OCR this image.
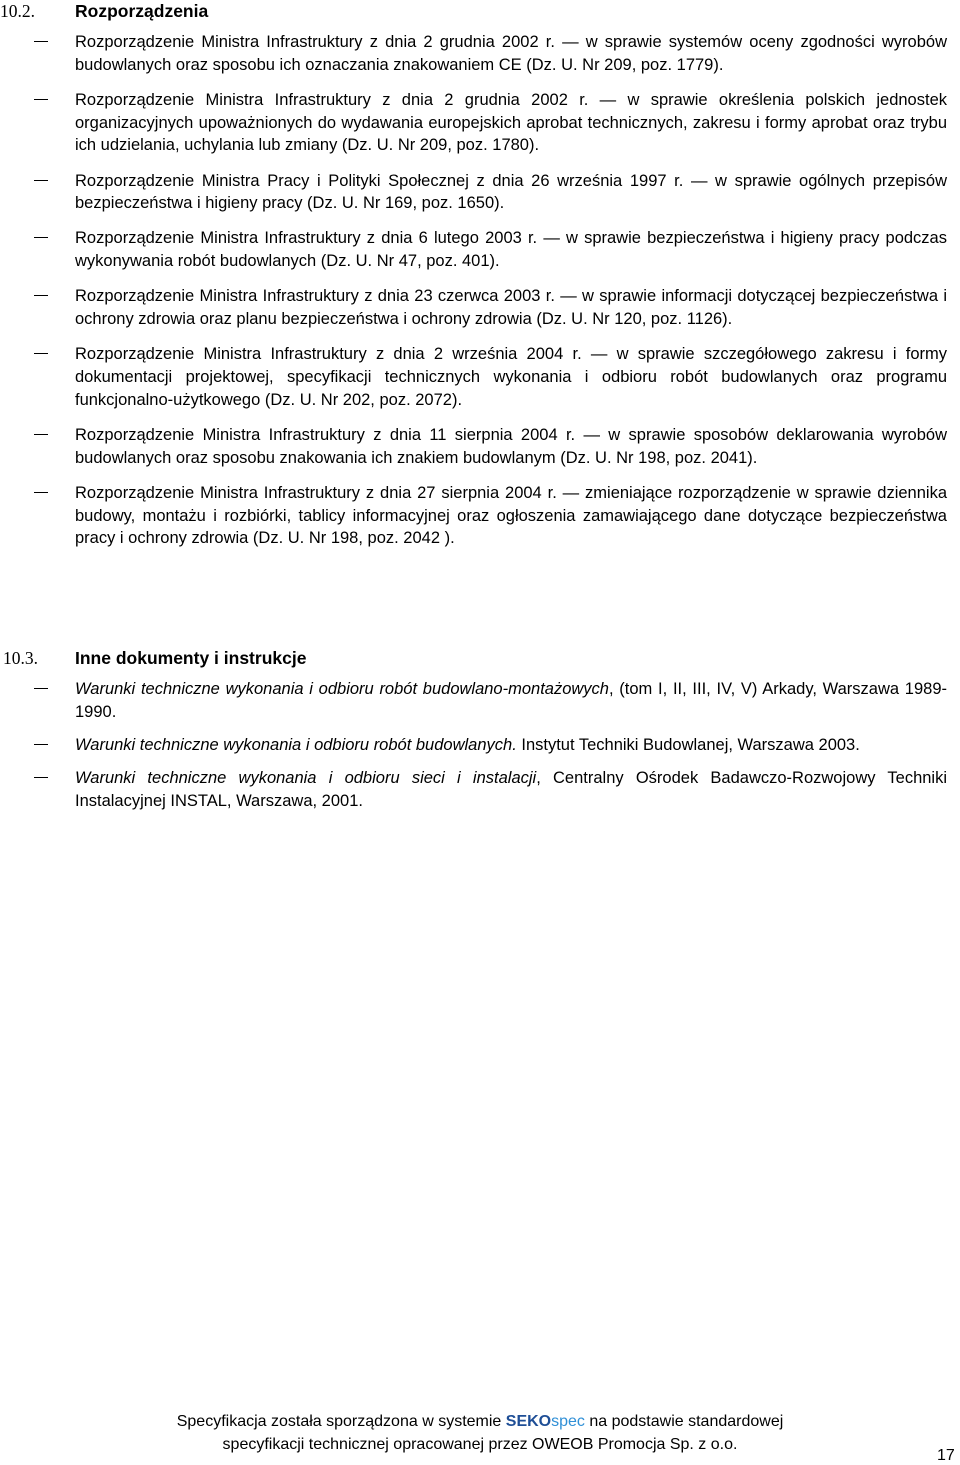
10.2.	Rozporządzenia
Rozporządzenie Ministra Infrastruktury z dnia 2 grudnia 2002 r. — w sprawie systemów oceny zgodności wyrobów budowlanych oraz sposobu ich oznaczania znakowaniem CE (Dz. U. Nr 209, poz. 1779).
Rozporządzenie Ministra Infrastruktury z dnia 2 grudnia 2002 r. — w sprawie określenia polskich jednostek organizacyjnych upoważnionych do wydawania europejskich aprobat technicznych, zakresu i formy aprobat oraz trybu ich udzielania, uchylania lub zmiany (Dz. U. Nr 209, poz. 1780).
Rozporządzenie Ministra Pracy i Polityki Społecznej z dnia 26 września 1997 r. — w sprawie ogólnych przepisów bezpieczeństwa i higieny pracy (Dz. U. Nr 169, poz. 1650).
Rozporządzenie Ministra Infrastruktury z dnia 6 lutego 2003 r. — w sprawie bezpieczeństwa i higieny pracy podczas wykonywania robót budowlanych (Dz. U. Nr 47, poz. 401).
Rozporządzenie Ministra Infrastruktury z dnia 23 czerwca 2003 r. — w sprawie informacji dotyczącej bezpieczeństwa i ochrony zdrowia oraz planu bezpieczeństwa i ochrony zdrowia (Dz. U. Nr 120, poz. 1126).
Rozporządzenie Ministra Infrastruktury z dnia 2 września 2004 r. — w sprawie szczegółowego zakresu i formy dokumentacji projektowej, specyfikacji technicznych wykonania i odbioru robót budowlanych oraz programu funkcjonalno-użytkowego (Dz. U. Nr 202, poz. 2072).
Rozporządzenie Ministra Infrastruktury z dnia 11 sierpnia 2004 r. — w sprawie sposobów deklarowania wyrobów budowlanych oraz sposobu znakowania ich znakiem budowlanym (Dz. U. Nr 198, poz. 2041).
Rozporządzenie Ministra Infrastruktury z dnia 27 sierpnia 2004 r. — zmieniające rozporządzenie w sprawie dziennika budowy, montażu i rozbiórki, tablicy informacyjnej oraz ogłoszenia zamawiającego dane dotyczące bezpieczeństwa pracy i ochrony zdrowia (Dz. U. Nr 198, poz. 2042 ).
10.3.	Inne dokumenty i instrukcje
Warunki techniczne wykonania i odbioru robót budowlano-montażowych, (tom I, II, III, IV, V) Arkady, Warszawa 1989-1990.
Warunki techniczne wykonania i odbioru robót budowlanych. Instytut Techniki Budowlanej, Warszawa 2003.
Warunki techniczne wykonania i odbioru sieci i instalacji, Centralny Ośrodek Badawczo-Rozwojowy Techniki Instalacyjnej INSTAL, Warszawa, 2001.
Specyfikacja została sporządzona w systemie SEKOspec na podstawie standardowej
specyfikacji technicznej opracowanej przez OWEOB Promocja Sp. z o.o.
17
